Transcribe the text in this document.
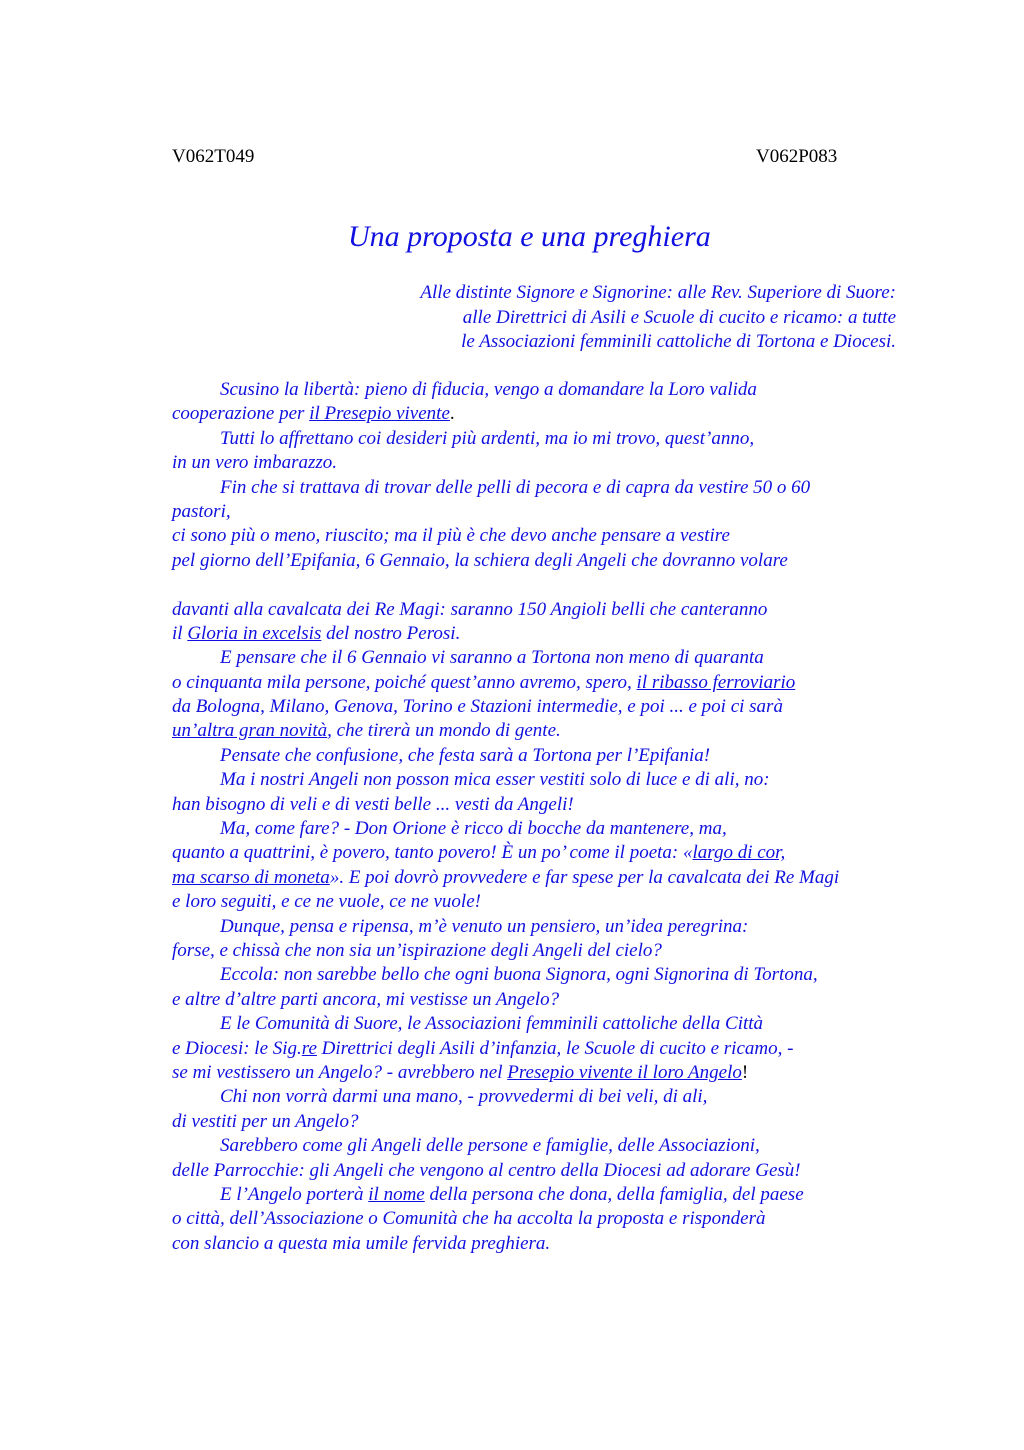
V062T049	V062P083
Una proposta e una preghiera
Alle distinte Signore e Signorine: alle Rev. Superiore di Suore:
alle Direttrici di Asili e Scuole di cucito e ricamo: a tutte
le Associazioni femminili cattoliche di Tortona e Diocesi.
Scusino la libertà: pieno di fiducia, vengo a domandare la Loro valida
cooperazione per il Presepio vivente.
Tutti lo affrettano coi desideri più ardenti, ma io mi trovo, quest’anno,
in un vero imbarazzo.
Fin che si trattava di trovar delle pelli di pecora e di capra da vestire 50 o 60
pastori,
ci sono più o meno, riuscito; ma il più è che devo anche pensare a vestire
pel giorno dell’Epifania, 6 Gennaio, la schiera degli Angeli che dovranno volare
davanti alla cavalcata dei Re Magi: saranno 150 Angioli belli che canteranno
il Gloria in excelsis del nostro Perosi.
E pensare che il 6 Gennaio vi saranno a Tortona non meno di quaranta
o cinquanta mila persone, poiché quest’anno avremo, spero, il ribasso ferroviario
da Bologna, Milano, Genova, Torino e Stazioni intermedie, e poi ... e poi ci sarà
un’altra gran novità, che tirerà un mondo di gente.
Pensate che confusione, che festa sarà a Tortona per l’Epifania!
Ma i nostri Angeli non posson mica esser vestiti solo di luce e di ali, no:
han bisogno di veli e di vesti belle ... vesti da Angeli!
Ma, come fare? - Don Orione è ricco di bocche da mantenere, ma,
quanto a quattrini, è povero, tanto povero! È un po’ come il poeta: «largo di cor,
ma scarso di moneta». E poi dovrò provvedere e far spese per la cavalcata dei Re Magi
e loro seguiti, e ce ne vuole, ce ne vuole!
Dunque, pensa e ripensa, m’è venuto un pensiero, un’idea peregrina:
forse, e chissà che non sia un’ispirazione degli Angeli del cielo?
Eccola: non sarebbe bello che ogni buona Signora, ogni Signorina di Tortona,
e altre d’altre parti ancora, mi vestisse un Angelo?
E le Comunità di Suore, le Associazioni femminili cattoliche della Città
e Diocesi: le Sig.re Direttrici degli Asili d’infanzia, le Scuole di cucito e ricamo, -
se mi vestissero un Angelo? - avrebbero nel Presepio vivente il loro Angelo!
Chi non vorrà darmi una mano, - provvedermi di bei veli, di ali,
di vestiti per un Angelo?
Sarebbero come gli Angeli delle persone e famiglie, delle Associazioni,
delle Parrocchie: gli Angeli che vengono al centro della Diocesi ad adorare Gesù!
E l’Angelo porterà il nome della persona che dona, della famiglia, del paese
o città, dell’Associazione o Comunità che ha accolta la proposta e risponderà
con slancio a questa mia umile fervida preghiera.
